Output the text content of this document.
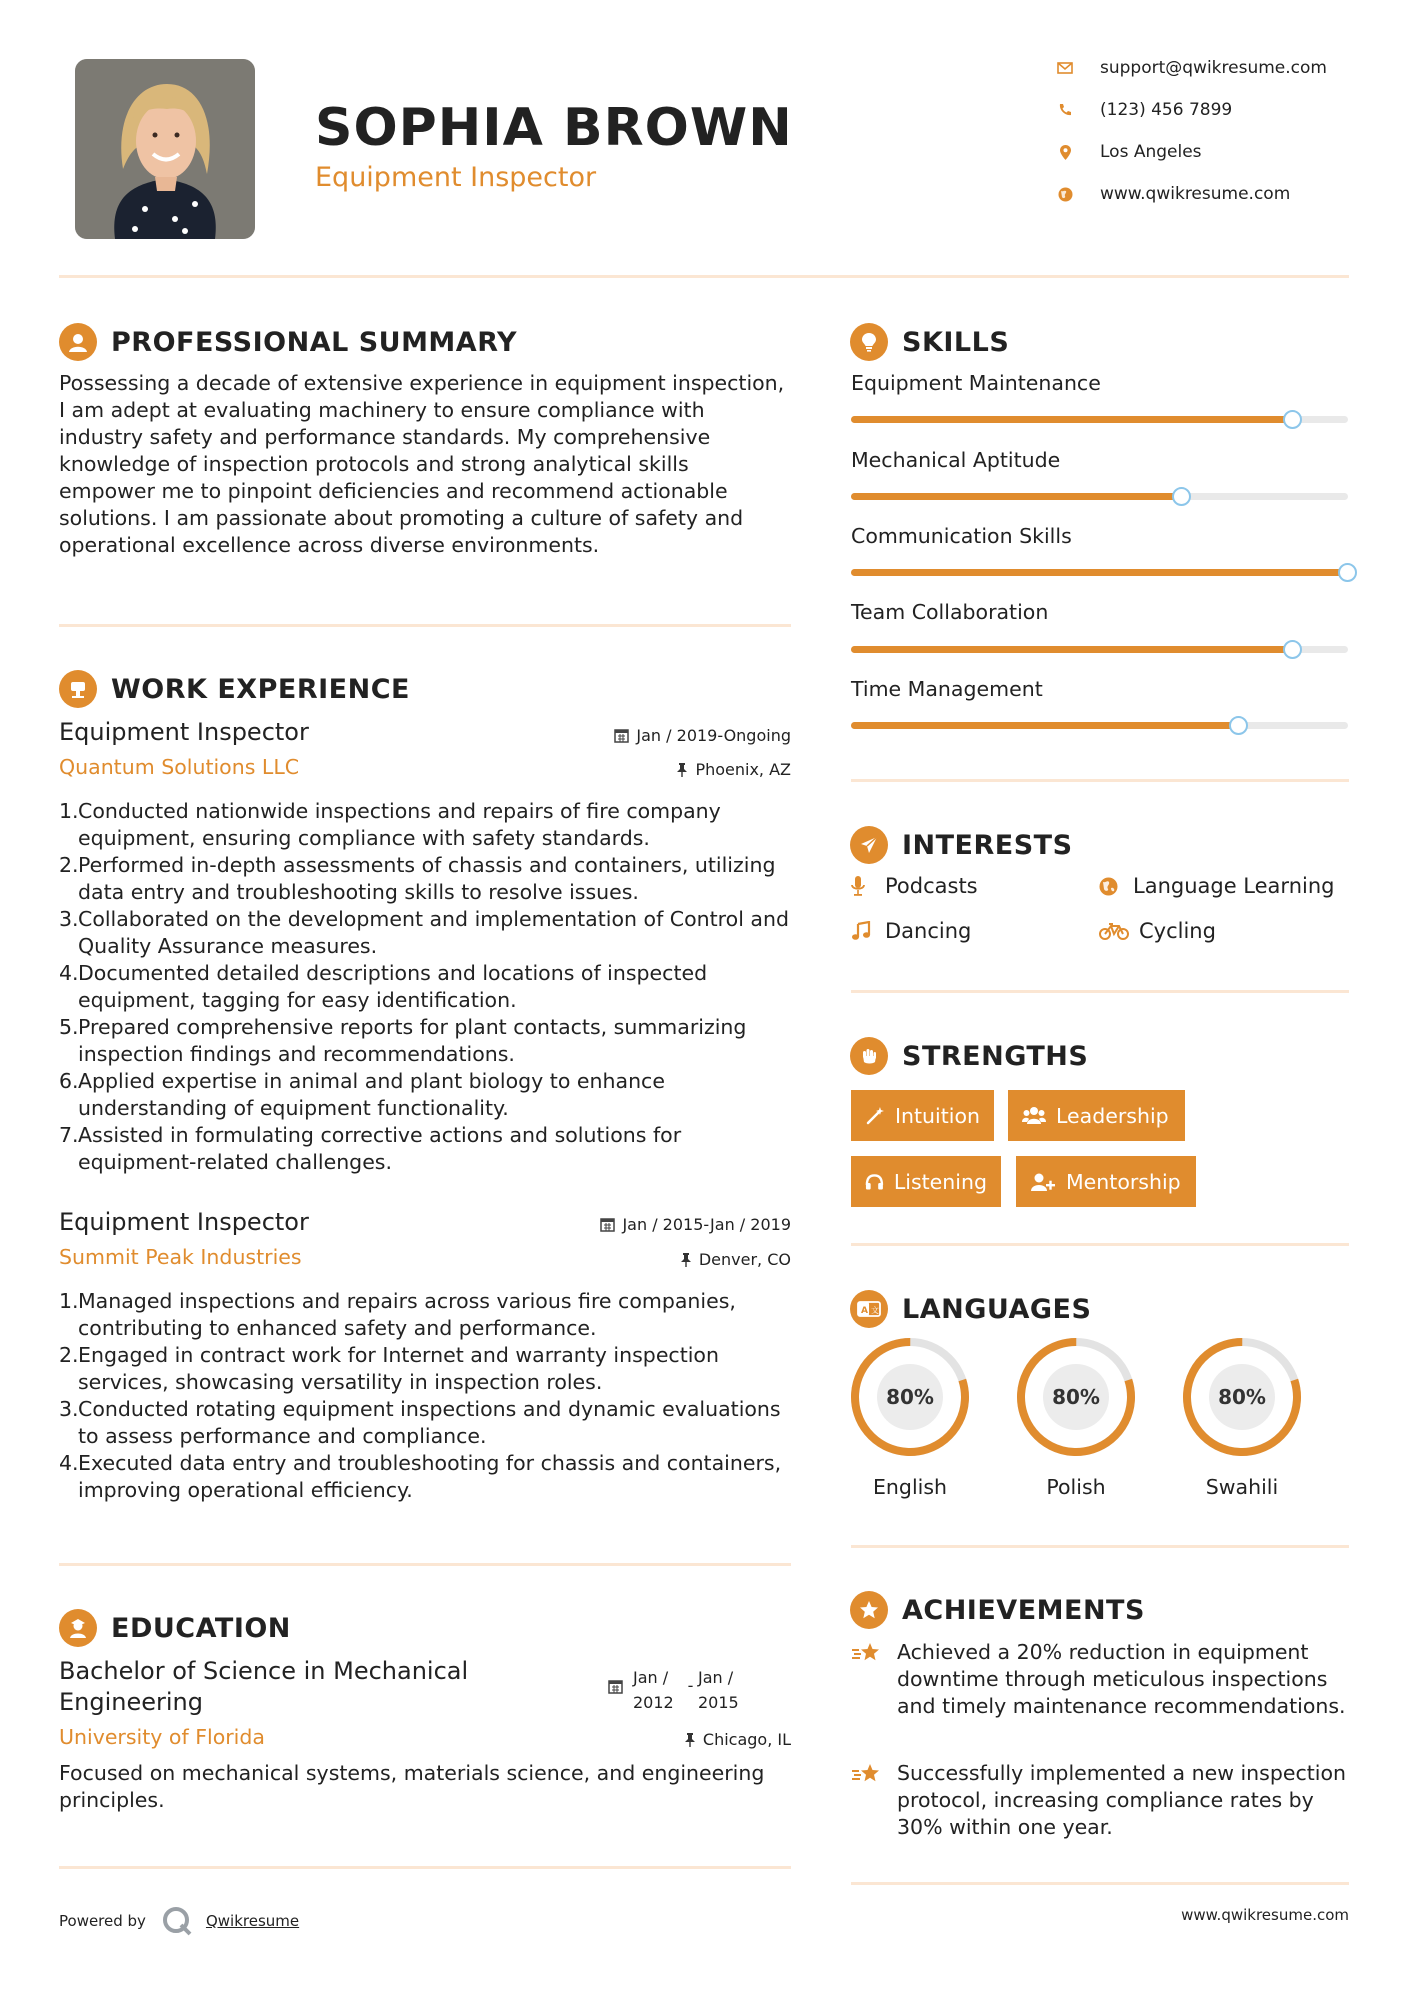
SOPHIA BROWN
Equipment Inspector
support@qwikresume.com
(123) 456 7899
Los Angeles
www.qwikresume.com
PROFESSIONAL SUMMARY
Possessing a decade of extensive experience in equipment inspection, I am adept at evaluating machinery to ensure compliance with industry safety and performance standards. My comprehensive knowledge of inspection protocols and strong analytical skills empower me to pinpoint deficiencies and recommend actionable solutions. I am passionate about promoting a culture of safety and operational excellence across diverse environments.
WORK EXPERIENCE
Equipment Inspector	Jan / 2019-Ongoing
Quantum Solutions LLC	Phoenix, AZ
1. Conducted nationwide inspections and repairs of fire company equipment, ensuring compliance with safety standards.
2. Performed in-depth assessments of chassis and containers, utilizing data entry and troubleshooting skills to resolve issues.
3. Collaborated on the development and implementation of Control and Quality Assurance measures.
4. Documented detailed descriptions and locations of inspected equipment, tagging for easy identification.
5. Prepared comprehensive reports for plant contacts, summarizing inspection findings and recommendations.
6. Applied expertise in animal and plant biology to enhance understanding of equipment functionality.
7. Assisted in formulating corrective actions and solutions for equipment-related challenges.
Equipment Inspector	Jan / 2015-Jan / 2019
Summit Peak Industries	Denver, CO
1. Managed inspections and repairs across various fire companies, contributing to enhanced safety and performance.
2. Engaged in contract work for Internet and warranty inspection services, showcasing versatility in inspection roles.
3. Conducted rotating equipment inspections and dynamic evaluations to assess performance and compliance.
4. Executed data entry and troubleshooting for chassis and containers, improving operational efficiency.
EDUCATION
Bachelor of Science in Mechanical Engineering
Jan / 2012
- Jan / 2015
University of Florida	Chicago, IL
Focused on mechanical systems, materials science, and engineering principles.
SKILLS
Equipment Maintenance
Mechanical Aptitude
Communication Skills
Team Collaboration
Time Management
INTERESTS
Podcasts	Language Learning
Dancing	Cycling
STRENGTHS
Intuition	Leadership
Listening	Mentorship
A 文 LANGUAGES
80%
English
80%
Polish
80%
Swahili
ACHIEVEMENTS
Achieved a 20% reduction in equipment downtime through meticulous inspections and timely maintenance recommendations.
Successfully implemented a new inspection protocol, increasing compliance rates by 30% within one year.
Powered by	Qwikresume	www.qwikresume.com
